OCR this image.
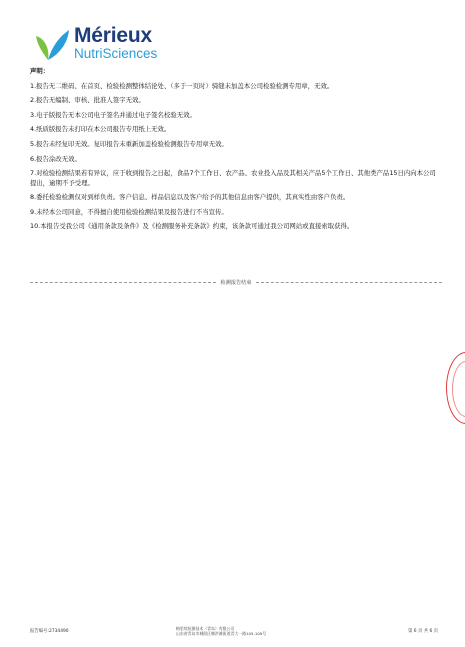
Mérieux
NutriSciences
声明：
1.报告无二维码、在首页、检验检测整体结论处、（多于一页时）骑缝未加盖本公司检验检测专用章，无效。
2.报告无编制、审核、批准人签字无效。
3.电子版报告无本公司电子签名并通过电子签名校验无效。
4.纸质版报告未打印在本公司报告专用纸上无效。
5.报告未经复印无效。复印报告未重新加盖检验检测报告专用章无效。
6.报告涂改无效。
7.对检验检测结果若有异议，应于收到报告之日起，食品7个工作日、农产品、农业投入品及其相关产品5个工作日、其他类产品15日内向本公司提出，逾期不予受理。
8.委托检验检测仅对到样负责。客户信息、样品信息以及客户给予的其他信息由客户提供，其真实性由客户负责。
9.未经本公司同意，不得擅自使用检验检测结果及报告进行不当宣传。
10.本报告受我公司《通用条款及条件》及《检测服务补充条款》约束，该条款可通过我公司网站或直接索取获得。
检测报告结束
报告编号:2734490
梅里埃检测技术（青岛）有限公司
山东省青岛市城阳区棘洪滩街道青大一路105-109号	第 6 页 共 6 页
